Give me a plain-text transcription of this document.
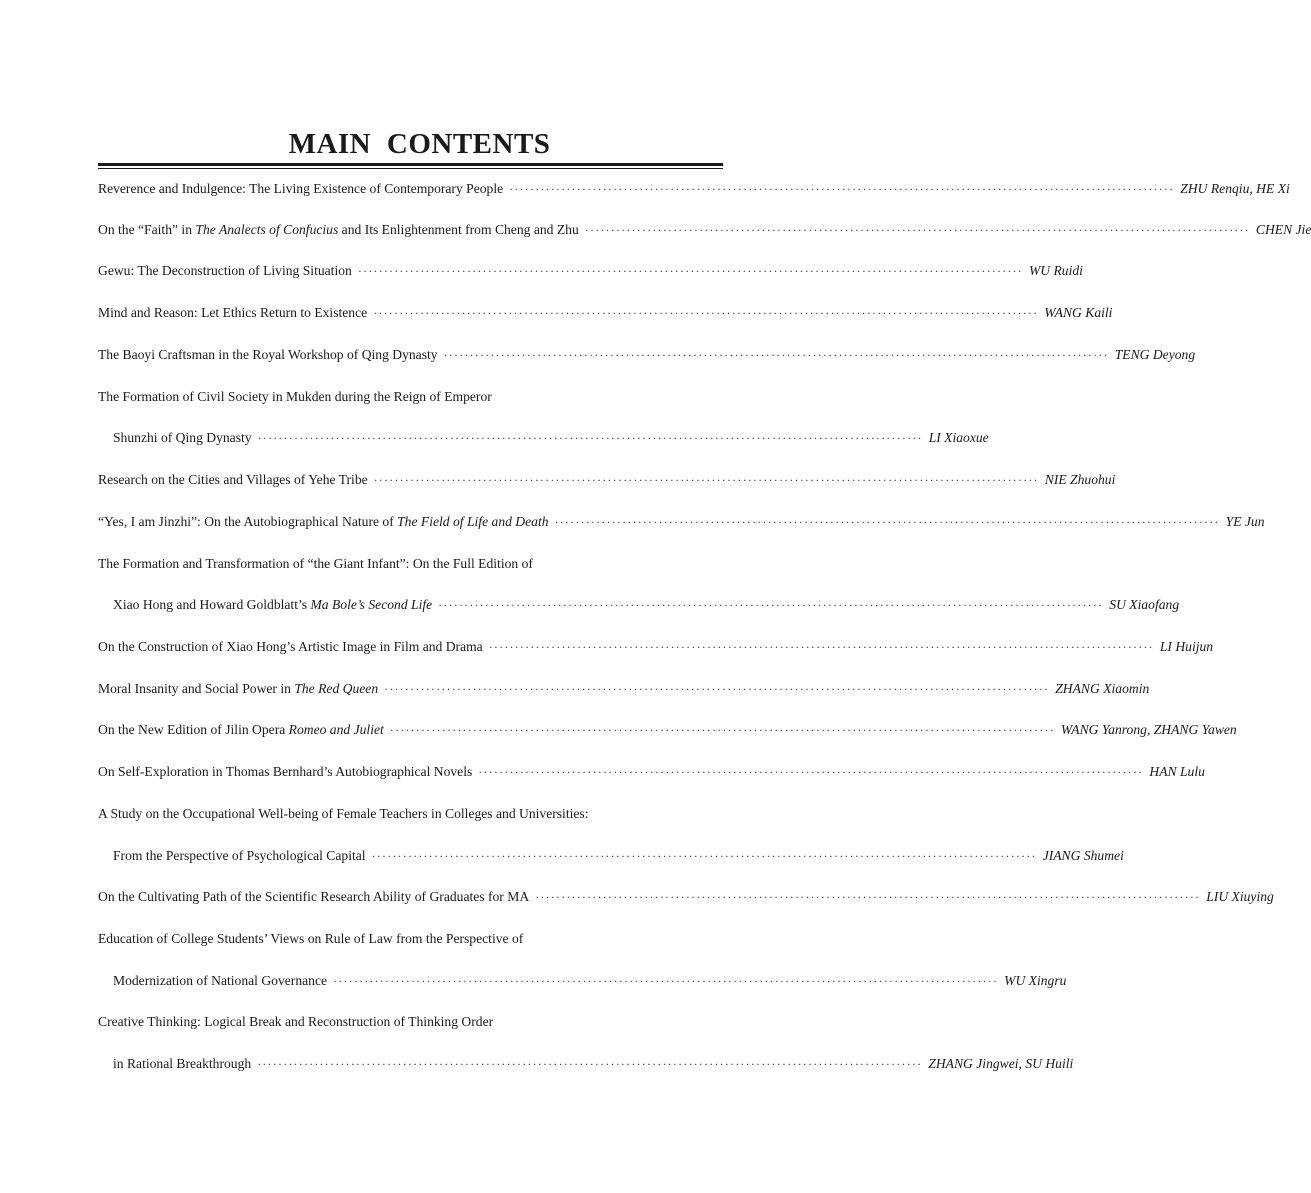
MAIN CONTENTS
Reverence and Indulgence: The Living Existence of Contemporary People ·····	ZHU Renqiu, HE Xi
On the “Faith” in The Analects of Confucius and Its Enlightenment from Cheng and Zhu ·····	CHEN Jie
Gewu: The Deconstruction of Living Situation ·····	WU Ruidi
Mind and Reason: Let Ethics Return to Existence ·····	WANG Kaili
The Baoyi Craftsman in the Royal Workshop of Qing Dynasty ·····	TENG Deyong
The Formation of Civil Society in Mukden during the Reign of Emperor
Shunzhi of Qing Dynasty ·····	LI Xiaoxue
Research on the Cities and Villages of Yehe Tribe ·····	NIE Zhuohui
“Yes, I am Jinzhi”: On the Autobiographical Nature of The Field of Life and Death ·····	YE Jun
The Formation and Transformation of “the Giant Infant”: On the Full Edition of
Xiao Hong and Howard Goldblatt’s Ma Bole’s Second Life ·····	SU Xiaofang
On the Construction of Xiao Hong’s Artistic Image in Film and Drama ·····	LI Huijun
Moral Insanity and Social Power in The Red Queen ·····	ZHANG Xiaomin
On the New Edition of Jilin Opera Romeo and Juliet ·····	WANG Yanrong, ZHANG Yawen
On Self-Exploration in Thomas Bernhard’s Autobiographical Novels ·····	HAN Lulu
A Study on the Occupational Well-being of Female Teachers in Colleges and Universities:
From the Perspective of Psychological Capital ·····	JIANG Shumei
On the Cultivating Path of the Scientific Research Ability of Graduates for MA ·····	LIU Xiuying
Education of College Students’ Views on Rule of Law from the Perspective of
Modernization of National Governance ·····	WU Xingru
Creative Thinking: Logical Break and Reconstruction of Thinking Order
in Rational Breakthrough ·····	ZHANG Jingwei, SU Huili
